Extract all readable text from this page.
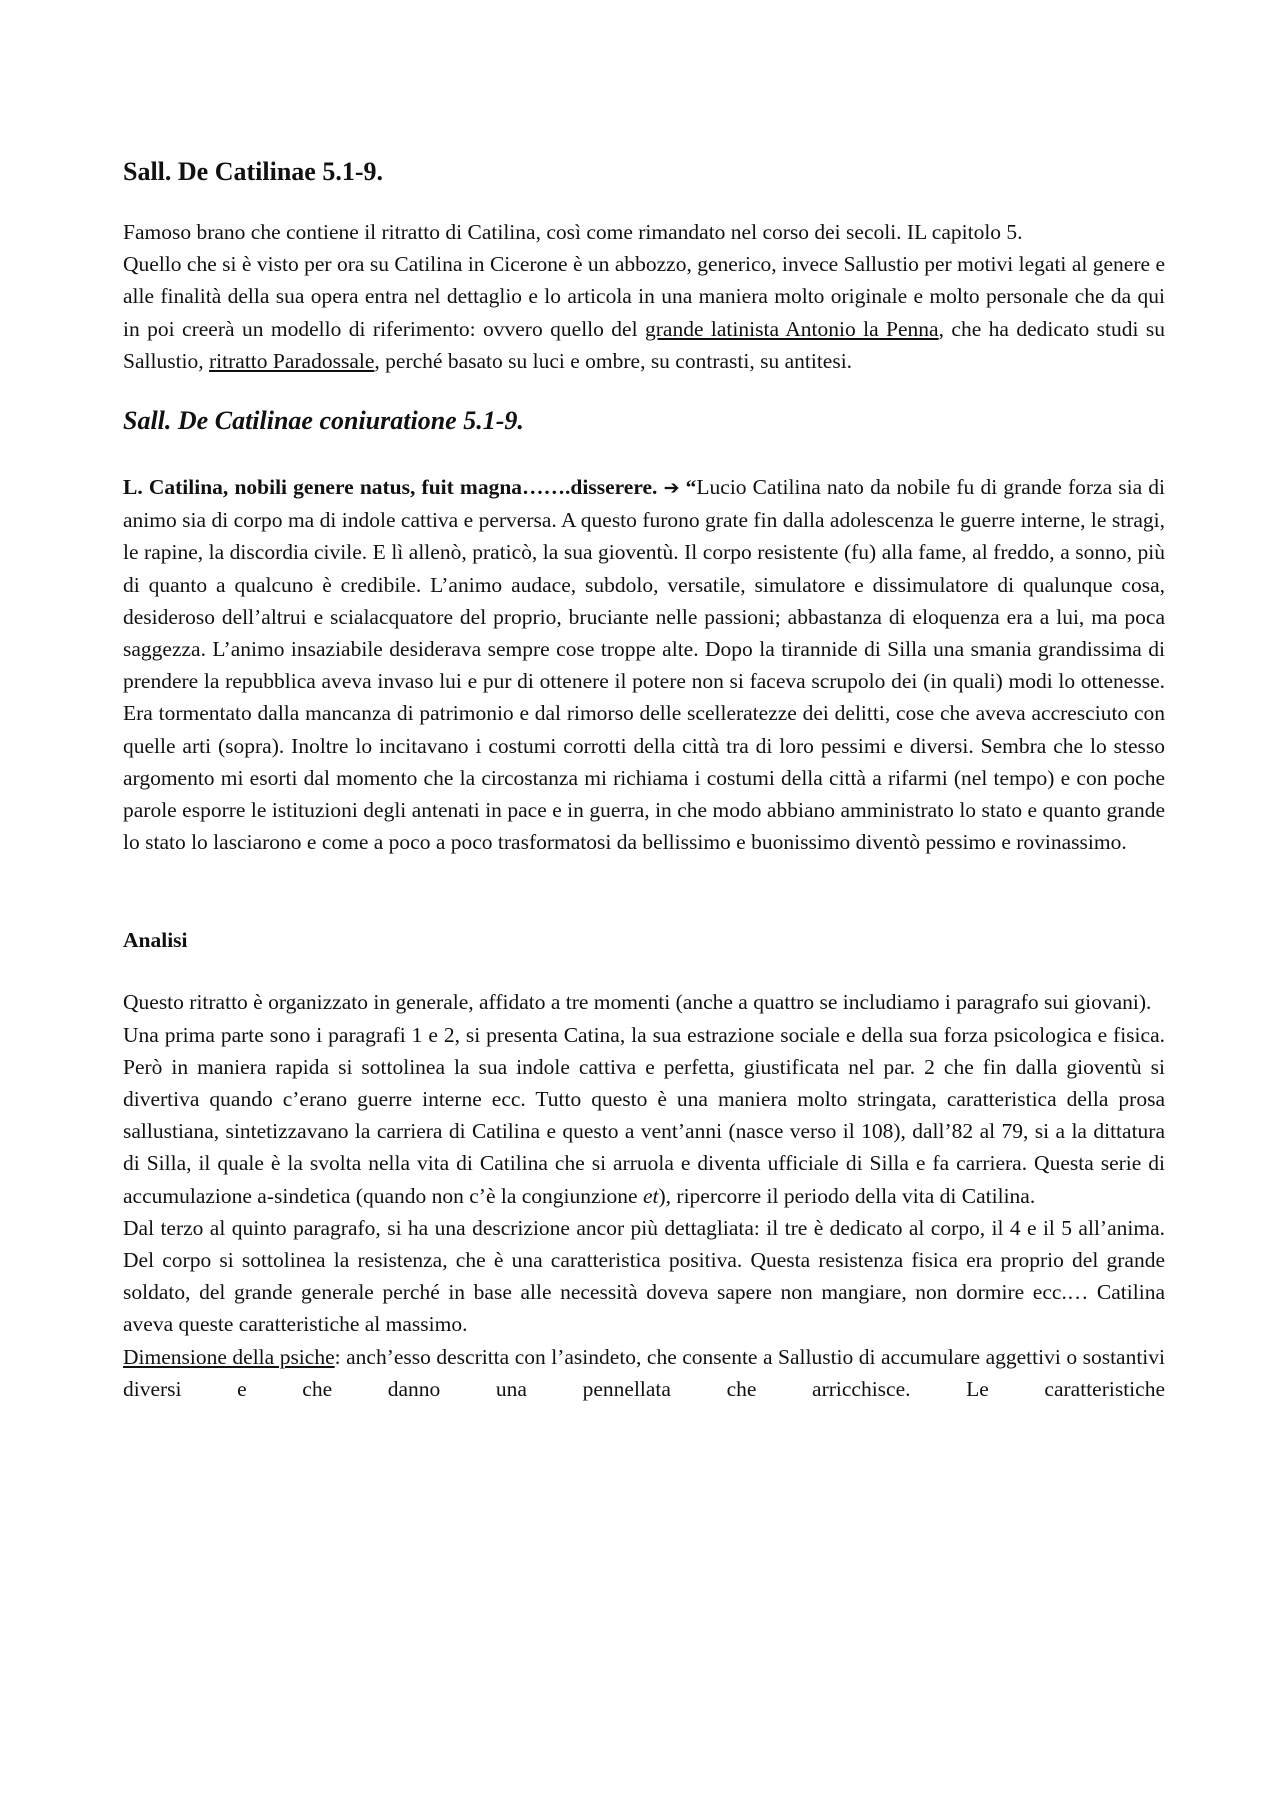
Sall. De Catilinae 5.1-9.

Famoso brano che contiene il ritratto di Catilina, così come rimandato nel corso dei secoli. IL capitolo 5.

Quello che si è visto per ora su Catilina in Cicerone è un abbozzo, generico, invece Sallustio per motivi legati al genere e alle finalità della sua opera entra nel dettaglio e lo articola in una maniera molto originale e molto personale che da qui in poi creerà un modello di riferimento: ovvero quello del grande latinista Antonio la Penna, che ha dedicato studi su Sallustio, ritratto Paradossale, perché basato su luci e ombre, su contrasti, su antitesi.

Sall. De Catilinae coniuratione 5.1-9.

L. Catilina, nobili genere natus, fuit magna…….disserere. ➔ “Lucio Catilina nato da nobile fu di grande forza sia di animo sia di corpo ma di indole cattiva e perversa. A questo furono grate fin dalla adolescenza le guerre interne, le stragi, le rapine, la discordia civile. E lì allenò, praticò, la sua gioventù. Il corpo resistente (fu) alla fame, al freddo, a sonno, più di quanto a qualcuno è credibile. L’animo audace, subdolo, versatile, simulatore e dissimulatore di qualunque cosa, desideroso dell’altrui e scialacquatore del proprio, bruciante nelle passioni; abbastanza di eloquenza era a lui, ma poca saggezza. L’animo insaziabile desiderava sempre cose troppe alte. Dopo la tirannide di Silla una smania grandissima di prendere la repubblica aveva invaso lui e pur di ottenere il potere non si faceva scrupolo dei (in quali) modi lo ottenesse. Era tormentato dalla mancanza di patrimonio e dal rimorso delle scelleratezze dei delitti, cose che aveva accresciuto con quelle arti (sopra). Inoltre lo incitavano i costumi corrotti della città tra di loro pessimi e diversi. Sembra che lo stesso argomento mi esorti dal momento che la circostanza mi richiama i costumi della città a rifarmi (nel tempo) e con poche parole esporre le istituzioni degli antenati in pace e in guerra, in che modo abbiano amministrato lo stato e quanto grande lo stato lo lasciarono e come a poco a poco trasformatosi da bellissimo e buonissimo diventò pessimo e rovinassimo.

Analisi

Questo ritratto è organizzato in generale, affidato a tre momenti (anche a quattro se includiamo i paragrafo sui giovani).

Una prima parte sono i paragrafi 1 e 2, si presenta Catina, la sua estrazione sociale e della sua forza psicologica e fisica. Però in maniera rapida si sottolinea la sua indole cattiva e perfetta, giustificata nel par. 2 che fin dalla gioventù si divertiva quando c’erano guerre interne ecc. Tutto questo è una maniera molto stringata, caratteristica della prosa sallustiana, sintetizzavano la carriera di Catilina e questo a vent’anni (nasce verso il 108), dall’82 al 79, si a la dittatura di Silla, il quale è la svolta nella vita di Catilina che si arruola e diventa ufficiale di Silla e fa carriera. Questa serie di accumulazione a-sindetica (quando non c’è la congiunzione et), ripercorre il periodo della vita di Catilina.

Dal terzo al quinto paragrafo, si ha una descrizione ancor più dettagliata: il tre è dedicato al corpo, il 4 e il 5 all’anima. Del corpo si sottolinea la resistenza, che è una caratteristica positiva. Questa resistenza fisica era proprio del grande soldato, del grande generale perché in base alle necessità doveva sapere non mangiare, non dormire ecc.… Catilina aveva queste caratteristiche al massimo.

Dimensione della psiche: anch’esso descritta con l’asindeto, che consente a Sallustio di accumulare aggettivi o sostantivi diversi e che danno una pennellata che arricchisce. Le caratteristiche
